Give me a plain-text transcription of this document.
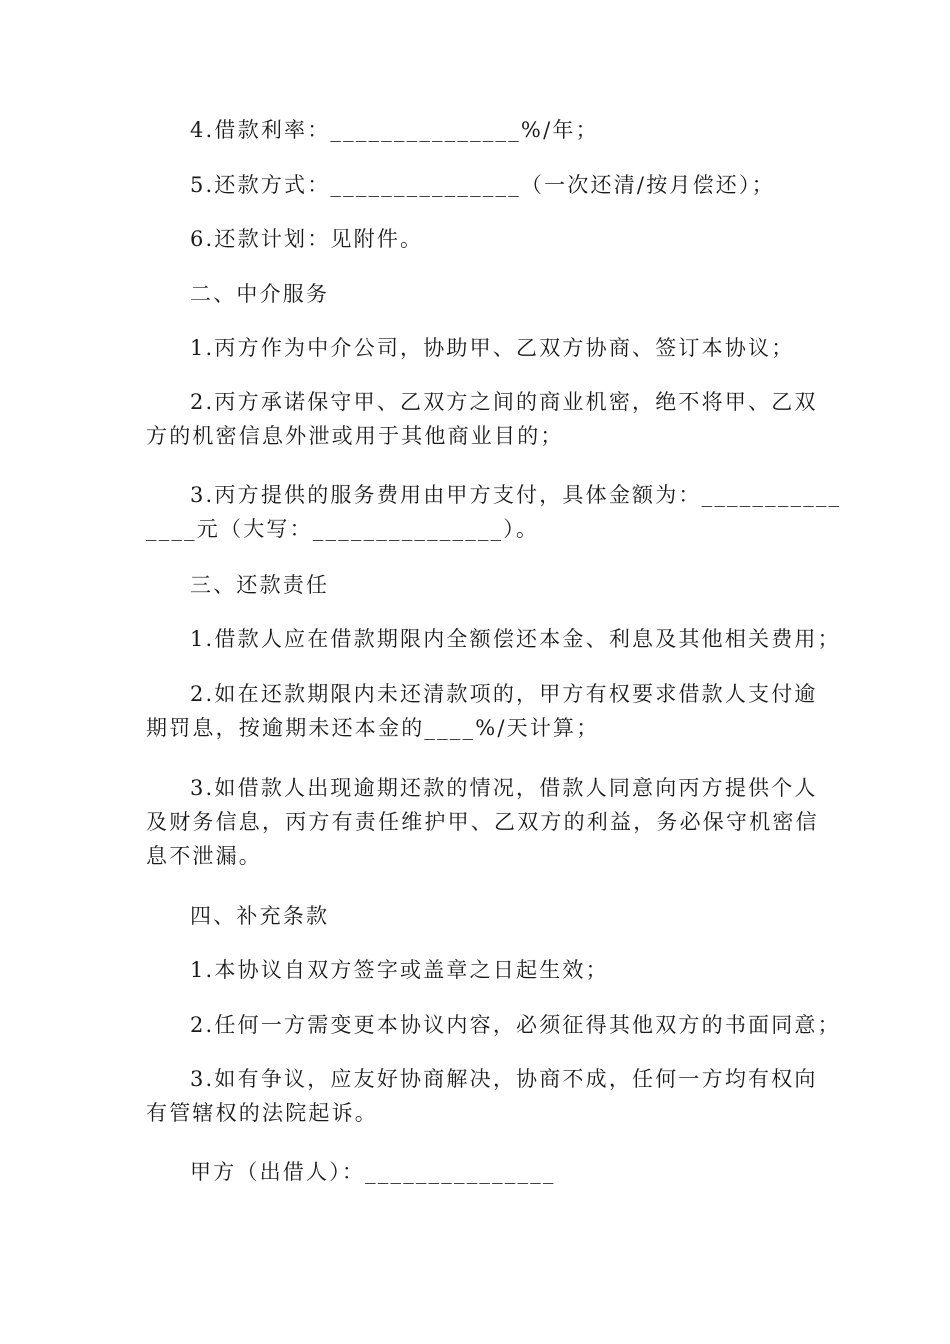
4.借款利率：_______________%/年；

5.还款方式：_______________（一次还清/按月偿还）；

6.还款计划：见附件。

二、中介服务

1.丙方作为中介公司，协助甲、乙双方协商、签订本协议；

2.丙方承诺保守甲、乙双方之间的商业机密，绝不将甲、乙双
方的机密信息外泄或用于其他商业目的；

3.丙方提供的服务费用由甲方支付，具体金额为：___________
____元（大写：_______________）。

三、还款责任

1.借款人应在借款期限内全额偿还本金、利息及其他相关费用；

2.如在还款期限内未还清款项的，甲方有权要求借款人支付逾
期罚息，按逾期未还本金的____%/天计算；

3.如借款人出现逾期还款的情况，借款人同意向丙方提供个人
及财务信息，丙方有责任维护甲、乙双方的利益，务必保守机密信
息不泄漏。

四、补充条款

1.本协议自双方签字或盖章之日起生效；

2.任何一方需变更本协议内容，必须征得其他双方的书面同意；

3.如有争议，应友好协商解决，协商不成，任何一方均有权向
有管辖权的法院起诉。

甲方（出借人）：_______________
